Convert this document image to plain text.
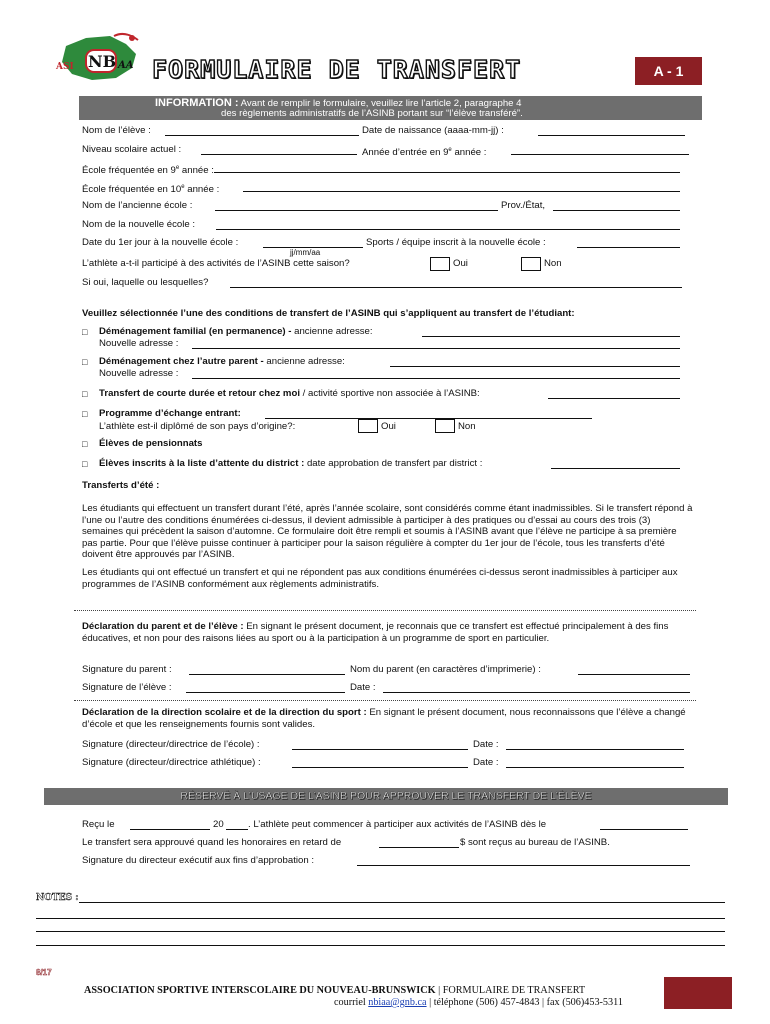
NB
ASI	AA FORMULAIRE DE TRANSFERT	A - 1
INFORMATION : Avant de remplir le formulaire, veuillez lire l’article 2, paragraphe 4
des règlements administratifs de l’ASINB portant sur “l’élève transféré”.
Nom de l’élève :	Date de naissance (aaaa-mm-jj) :
Niveau scolaire actuel :	Année d’entrée en 9e année :
École fréquentée en 9e année :
École fréquentée en 10e année :
Nom de l’ancienne école :	Prov./État,
Nom de la nouvelle école :
Date du 1er jour à la nouvelle école :
jj/mm/aa
Sports / équipe inscrit à la nouvelle école :
L’athlète a-t-il participé à des activités de l’ASINB cette saison?	Oui	Non
Si oui, laquelle ou lesquelles?
Veuillez sélectionnée l’une des conditions de transfert de l’ASINB qui s’appliquent au transfert de l’étudiant:
□ Déménagement familial (en permanence) - ancienne adresse:
Nouvelle adresse :
□ Déménagement chez l’autre parent - ancienne adresse:
Nouvelle adresse :
□ Transfert de courte durée et retour chez moi / activité sportive non associée à l’ASINB:
□ Programme d’échange entrant:
L’athlète est-il diplômé de son pays d’origine?:	Oui	Non
□ Élèves de pensionnats
□ Élèves inscrits à la liste d’attente du district : date approbation de transfert par district :
Transferts d’été :
Les étudiants qui effectuent un transfert durant l’été, après l’année scolaire, sont considérés comme étant inadmissibles. Si le transfert répond à l’une ou l’autre des conditions énumérées ci-dessus, il devient admissible à participer à des pratiques ou d’essai au cours des trois (3) semaines qui précèdent la saison d’automne. Ce formulaire doit être rempli et soumis à l’ASINB avant que l’élève ne participe à sa première pas partie. Pour que l’élève puisse continuer à participer pour la saison régulière à compter du 1er jour de l’école, tous les transferts d’été doivent être approuvés par l’ASINB.
Les étudiants qui ont effectué un transfert et qui ne répondent pas aux conditions énumérées ci-dessus seront inadmissibles à participer aux programmes de l’ASINB conformément aux règlements administratifs.
Déclaration du parent et de l’élève : En signant le présent document, je reconnais que ce transfert est effectué principalement à des fins éducatives, et non pour des raisons liées au sport ou à la participation à un programme de sport en particulier.
Signature du parent :	Nom du parent (en caractères d’imprimerie) :
Signature de l’élève :	Date :
Déclaration de la direction scolaire et de la direction du sport : En signant le présent document, nous reconnaissons que l’élève a changé d’école et que les renseignements fournis sont valides.
Signature (directeur/directrice de l’école) :	Date :
Signature (directeur/directrice athlétique) :	Date :
RÉSERVÉ À L’USAGE DE L’ASINB POUR APPROUVER LE TRANSFERT DE L’ÉLÈVE
Reçu le	20	. L’athlète peut commencer à participer aux activités de l’ASINB dès le
Le transfert sera approuvé quand les honoraires en retard de	$ sont reçus au bureau de l’ASINB.
Signature du directeur exécutif aux fins d’approbation :
NOTES :
8/17
ASSOCIATION SPORTIVE INTERSCOLAIRE DU NOUVEAU-BRUNSWICK | FORMULAIRE DE TRANSFERT
courriel nbiaa@gnb.ca | téléphone (506) 457-4843 | fax (506)453-5311
